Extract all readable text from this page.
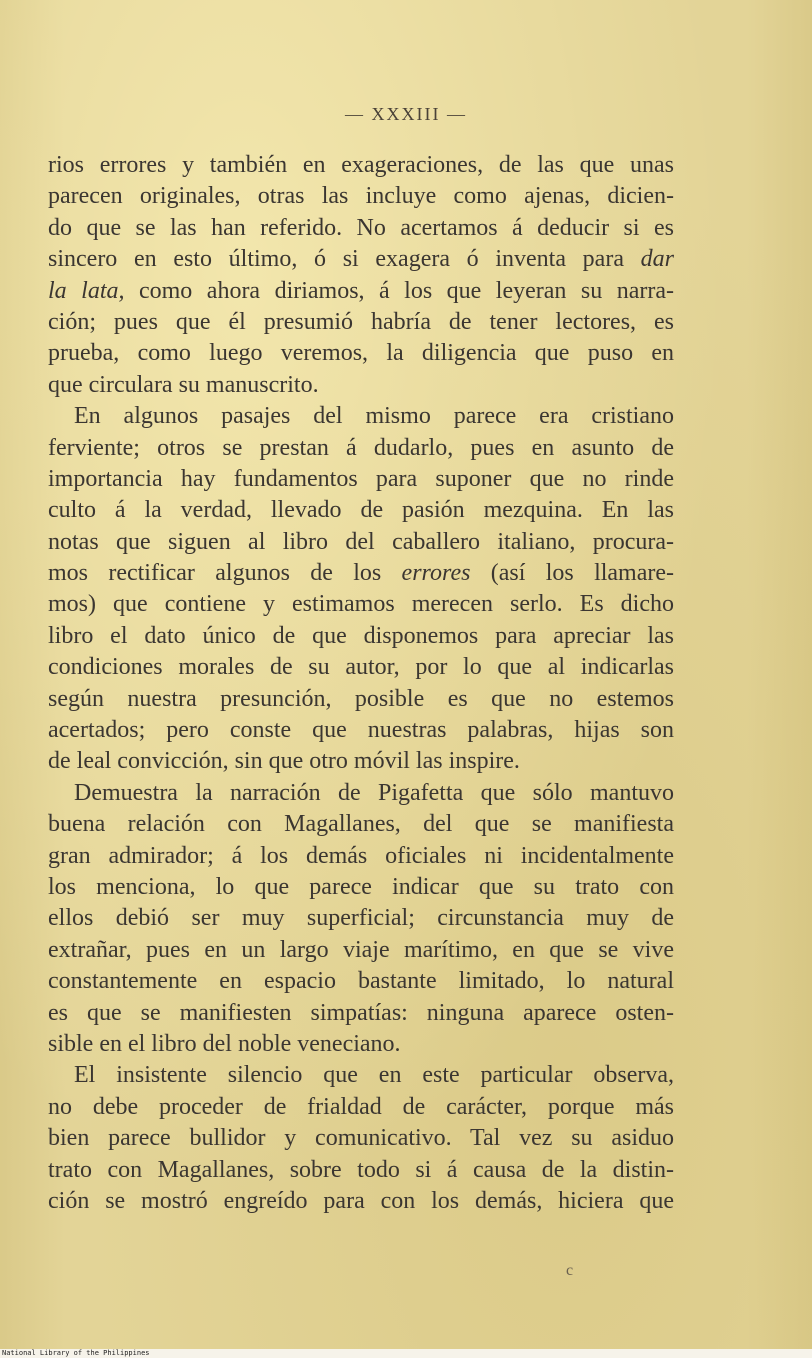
— XXXIII —
rios errores y también en exageraciones, de las que unas
parecen originales, otras las incluye como ajenas, dicien-
do que se las han referido. No acertamos á deducir si es
sincero en esto último, ó si exagera ó inventa para dar
la lata, como ahora diriamos, á los que leyeran su narra-
ción; pues que él presumió habría de tener lectores, es
prueba, como luego veremos, la diligencia que puso en
que circulara su manuscrito.
En algunos pasajes del mismo parece era cristiano
ferviente; otros se prestan á dudarlo, pues en asunto de
importancia hay fundamentos para suponer que no rinde
culto á la verdad, llevado de pasión mezquina. En las
notas que siguen al libro del caballero italiano, procura-
mos rectificar algunos de los errores (así los llamare-
mos) que contiene y estimamos merecen serlo. Es dicho
libro el dato único de que disponemos para apreciar las
condiciones morales de su autor, por lo que al indicarlas
según nuestra presunción, posible es que no estemos
acertados; pero conste que nuestras palabras, hijas son
de leal convicción, sin que otro móvil las inspire.
Demuestra la narración de Pigafetta que sólo mantuvo
buena relación con Magallanes, del que se manifiesta
gran admirador; á los demás oficiales ni incidentalmente
los menciona, lo que parece indicar que su trato con
ellos debió ser muy superficial; circunstancia muy de
extrañar, pues en un largo viaje marítimo, en que se vive
constantemente en espacio bastante limitado, lo natural
es que se manifiesten simpatías: ninguna aparece osten-
sible en el libro del noble veneciano.
El insistente silencio que en este particular observa,
no debe proceder de frialdad de carácter, porque más
bien parece bullidor y comunicativo. Tal vez su asiduo
trato con Magallanes, sobre todo si á causa de la distin-
ción se mostró engreído para con los demás, hiciera que
c
National Library of the Philippines
